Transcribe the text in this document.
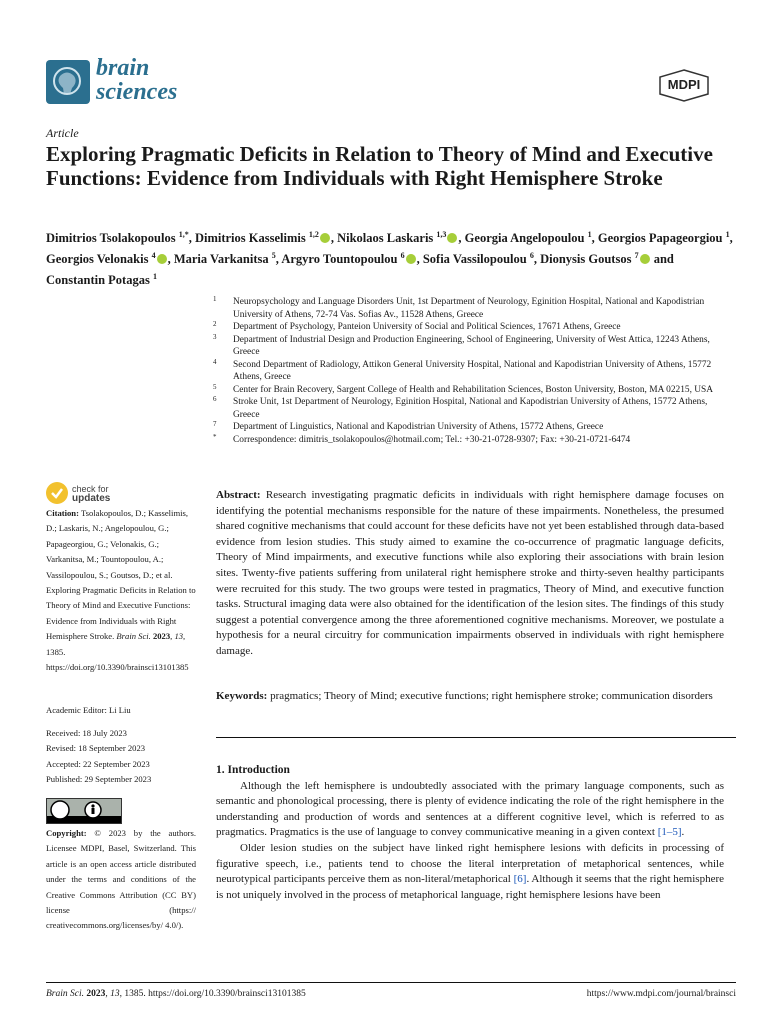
brain
sciences	MDPI
Article
Exploring Pragmatic Deficits in Relation to Theory of Mind and Executive Functions: Evidence from Individuals with Right Hemisphere Stroke
Dimitrios Tsolakopoulos $^{1,*}$, Dimitrios Kasselimis $^{1,2}$ , Nikolaos Laskaris $^{1,3}$ , Georgia Angelopoulou $^1$, Georgios Papageorgiou $^1$, Georgios Velonakis $^4$ , Maria Varkanitsa $^5$, Argyro Tountopoulou $^6$ , Sofia Vassilopoulou $^6$, Dionysis Goutsos $^7$ and Constantin Potagas $^1$

1 Neuropsychology and Language Disorders Unit, 1st Department of Neurology, Eginition Hospital, National and Kapodistrian University of Athens, 72-74 Vas. Sofias Av., 11528 Athens, Greece

2 Department of Psychology, Panteion University of Social and Political Sciences, 17671 Athens, Greece

3 Department of Industrial Design and Production Engineering, School of Engineering, University of West Attica, 12243 Athens, Greece

4 Second Department of Radiology, Attikon General University Hospital, National and Kapodistrian University of Athens, 15772 Athens, Greece

5 Center for Brain Recovery, Sargent College of Health and Rehabilitation Sciences, Boston University, Boston, MA 02215, USA

6 Stroke Unit, 1st Department of Neurology, Eginition Hospital, National and Kapodistrian University of Athens, 15772 Athens, Greece

7 Department of Linguistics, National and Kapodistrian University of Athens, 15772 Athens, Greece

* Correspondence: dimitris_tsolakopoulos@hotmail.com; Tel.: +30-21-0728-9307; Fax: +30-21-0721-6474

check for
updates
Citation: Tsolakopoulos, D.; Kasselimis, D.; Laskaris, N.; Angelopoulou, G.; Papageorgiou, G.; Velonakis, G.; Varkanitsa, M.; Tountopoulou, A.; Vassilopoulou, S.; Goutsos, D.; et al. Exploring Pragmatic Deficits in Relation to Theory of Mind and Executive Functions: Evidence from Individuals with Right Hemisphere Stroke. Brain Sci. 2023, 13, 1385. https://doi.org/10.3390/brainsci13101385
Academic Editor: Li Liu
Received: 18 July 2023
Revised: 18 September 2023
Accepted: 22 September 2023
Published: 29 September 2023
Copyright: © 2023 by the authors. Licensee MDPI, Basel, Switzerland. This article is an open access article distributed under the terms and conditions of the Creative Commons Attribution (CC BY) license (https:// creativecommons.org/licenses/by/ 4.0/).

Abstract: Research investigating pragmatic deficits in individuals with right hemisphere damage focuses on identifying the potential mechanisms responsible for the nature of these impairments. Nonetheless, the presumed shared cognitive mechanisms that could account for these deficits have not yet been established through data-based evidence from lesion studies. This study aimed to examine the co-occurrence of pragmatic language deficits, Theory of Mind impairments, and executive functions while also exploring their associations with brain lesion sites. Twenty-five patients suffering from unilateral right hemisphere stroke and thirty-seven healthy participants were recruited for this study. The two groups were tested in pragmatics, Theory of Mind, and executive function tasks. Structural imaging data were also obtained for the identification of the lesion sites. The findings of this study suggest a potential convergence among the three aforementioned cognitive mechanisms. Moreover, we postulate a hypothesis for a neural circuitry for communication impairments observed in individuals with right hemisphere damage.

Keywords: pragmatics; Theory of Mind; executive functions; right hemisphere stroke; communication disorders

1. Introduction

Although the left hemisphere is undoubtedly associated with the primary language components, such as semantic and phonological processing, there is plenty of evidence indicating the role of the right hemisphere in the understanding and production of words and sentences at a different cognitive level, which is referred to as pragmatics. Pragmatics is the use of language to convey communicative meaning in a given context [1–5].

Older lesion studies on the subject have linked right hemisphere lesions with deficits in processing of figurative speech, i.e., patients tend to choose the literal interpretation of metaphorical sentences, while neurotypical participants perceive them as non-literal/metaphorical [6]. Although it seems that the right hemisphere is not uniquely involved in the process of metaphorical language, right hemisphere lesions have been

Brain Sci. 2023, 13, 1385. https://doi.org/10.3390/brainsci13101385	https://www.mdpi.com/journal/brainsci
